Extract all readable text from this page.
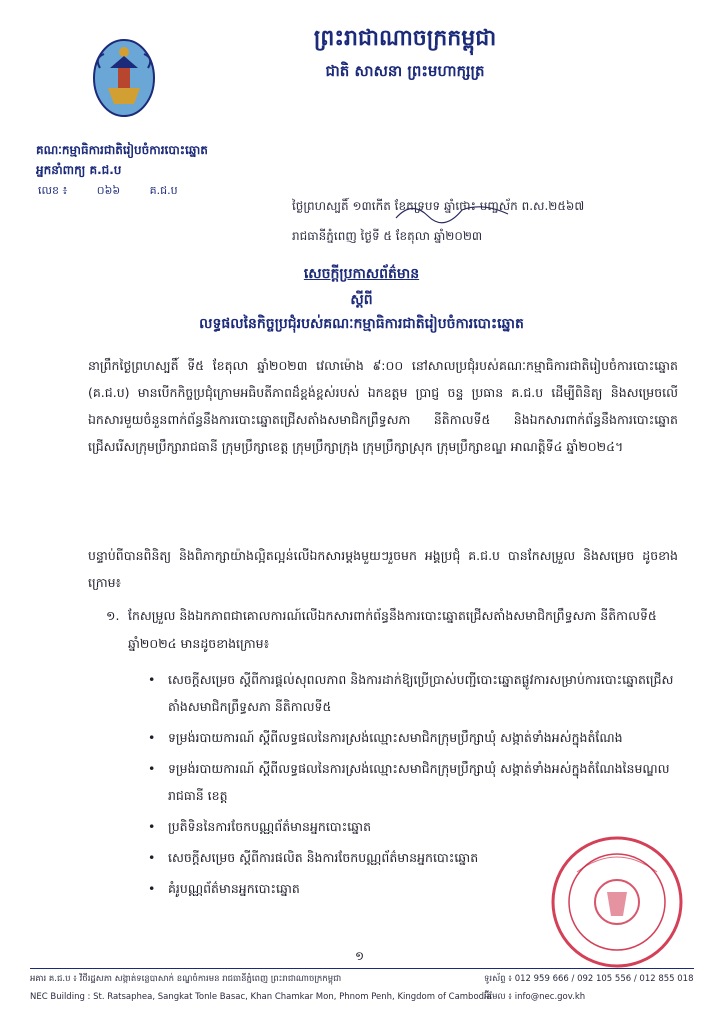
គណៈកម្មាធិការជាតិរៀបចំការបោះឆ្នោត
អ្នកនាំពាក្យ គ.ជ.ប
លេខ ៖	០៦៦	គ.ជ.ប
ព្រះរាជាណាចក្រកម្ពុជា
ជាតិ សាសនា ព្រះមហាក្សត្រ
ថ្ងៃព្រហស្បតិ៍ ១៣កើត ខែភទ្របទ ឆ្នាំថោះ បញ្ចស័ក ព.ស.២៥៦៧
រាជធានីភ្នំពេញ ថ្ងៃទី ៥ ខែតុលា ឆ្នាំ២០២៣
សេចក្តីប្រកាសព័ត៌មាន
ស្តីពី
លទ្ធផលនៃកិច្ចប្រជុំរបស់គណៈកម្មាធិការជាតិរៀបចំការបោះឆ្នោត
នាព្រឹកថ្ងៃព្រហស្បតិ៍ ទី៥ ខែតុលា ឆ្នាំ២០២៣ វេលាម៉ោង ៩:០០ នៅសាលប្រជុំរបស់គណៈកម្មាធិការជាតិរៀបចំការបោះឆ្នោត (គ.ជ.ប) មានបើកកិច្ចប្រជុំក្រោមអធិបតីភាពដ៏ខ្ពង់ខ្ពស់របស់ ឯកឧត្តម ប្រាជ្ញ ចន្ទ ប្រធាន គ.ជ.ប ដើម្បីពិនិត្យ និងសម្រេចលើឯកសារមួយចំនួនពាក់ព័ន្ធនឹងការបោះឆ្នោតជ្រើសតាំងសមាជិកព្រឹទ្ធសភា នីតិកាលទី៥ និងឯកសារពាក់ព័ន្ធនឹងការបោះឆ្នោតជ្រើសរើសក្រុមប្រឹក្សារាជធានី ក្រុមប្រឹក្សាខេត្ត ក្រុមប្រឹក្សាក្រុង ក្រុមប្រឹក្សាស្រុក ក្រុមប្រឹក្សាខណ្ឌ អាណត្តិទី៤ ឆ្នាំ២០២៤។
បន្ទាប់ពីបានពិនិត្យ និងពិភាក្សាយ៉ាងល្អិតល្អន់លើឯកសារម្តងមួយៗរួចមក អង្គប្រជុំ គ.ជ.ប បានកែសម្រួល និងសម្រេច ដូចខាងក្រោម៖
១. កែសម្រួល និងឯកភាពជាគោលការណ៍លើឯកសារពាក់ព័ន្ធនឹងការបោះឆ្នោតជ្រើសតាំងសមាជិកព្រឹទ្ធសភា នីតិកាលទី៥ ឆ្នាំ២០២៤ មានដូចខាងក្រោម៖
• សេចក្តីសម្រេច ស្តីពីការផ្តល់សុពលភាព និងការដាក់ឱ្យប្រើប្រាស់បញ្ជីបោះឆ្នោតផ្លូវការសម្រាប់ការបោះឆ្នោតជ្រើសតាំងសមាជិកព្រឹទ្ធសភា នីតិកាលទី៥
• ទម្រង់របាយការណ៍ ស្តីពីលទ្ធផលនៃការស្រង់ឈ្មោះសមាជិកក្រុមប្រឹក្សាឃុំ សង្កាត់ទាំងអស់ក្នុងតំណែង
• ទម្រង់របាយការណ៍ ស្តីពីលទ្ធផលនៃការស្រង់ឈ្មោះសមាជិកក្រុមប្រឹក្សាឃុំ សង្កាត់ទាំងអស់ក្នុងតំណែងនៃមណ្ឌលរាជធានី ខេត្ត
• ប្រតិទិននៃការចែកបណ្ណព័ត៌មានអ្នកបោះឆ្នោត
• សេចក្តីសម្រេច ស្តីពីការផលិត និងការចែកបណ្ណព័ត៌មានអ្នកបោះឆ្នោត
• គំរូបណ្ណព័ត៌មានអ្នកបោះឆ្នោត
១
អគារ គ.ជ.ប ៖ វិថីរដ្ឋសភា សង្កាត់ទន្លេបាសាក់ ខណ្ឌចំការមន រាជធានីភ្នំពេញ ព្រះរាជាណាចក្រកម្ពុជា
NEC Building : St. Ratsaphea, Sangkat Tonle Basac, Khan Chamkar Mon, Phnom Penh, Kingdom of Cambodia
ទូរស័ព្ទ ៖ 012 959 666 / 092 105 556 / 012 855 018
អ៊ីមែល ៖ info@nec.gov.kh
